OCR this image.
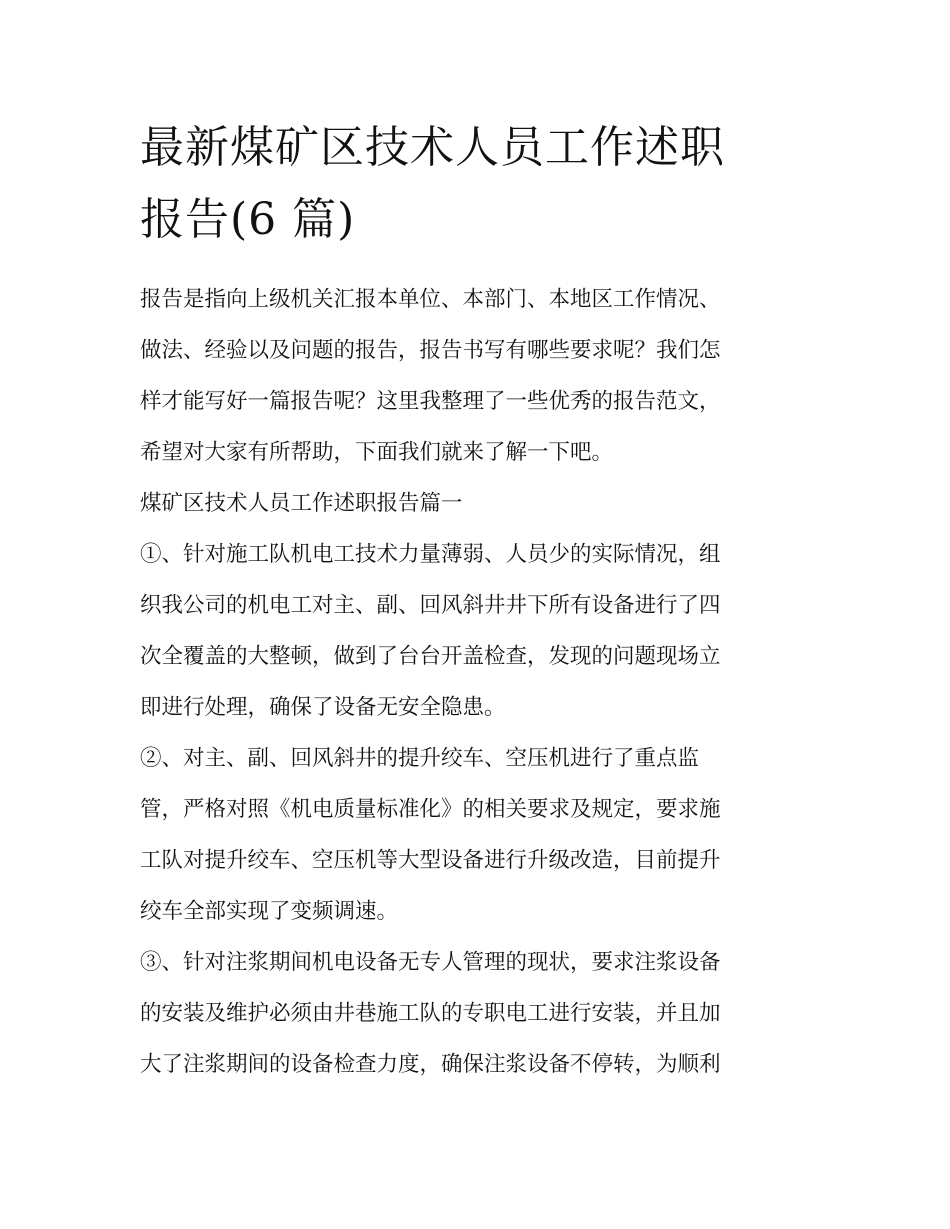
最新煤矿区技术人员工作述职
报告(6 篇)

报告是指向上级机关汇报本单位、本部门、本地区工作情况、
做法、经验以及问题的报告，报告书写有哪些要求呢？我们怎
样才能写好一篇报告呢？这里我整理了一些优秀的报告范文，
希望对大家有所帮助，下面我们就来了解一下吧。

煤矿区技术人员工作述职报告篇一

①、针对施工队机电工技术力量薄弱、人员少的实际情况，组
织我公司的机电工对主、副、回风斜井井下所有设备进行了四
次全覆盖的大整顿，做到了台台开盖检查，发现的问题现场立
即进行处理，确保了设备无安全隐患。

②、对主、副、回风斜井的提升绞车、空压机进行了重点监
管，严格对照《机电质量标准化》的相关要求及规定，要求施
工队对提升绞车、空压机等大型设备进行升级改造，目前提升
绞车全部实现了变频调速。

③、针对注浆期间机电设备无专人管理的现状，要求注浆设备
的安装及维护必须由井巷施工队的专职电工进行安装，并且加
大了注浆期间的设备检查力度，确保注浆设备不停转，为顺利
